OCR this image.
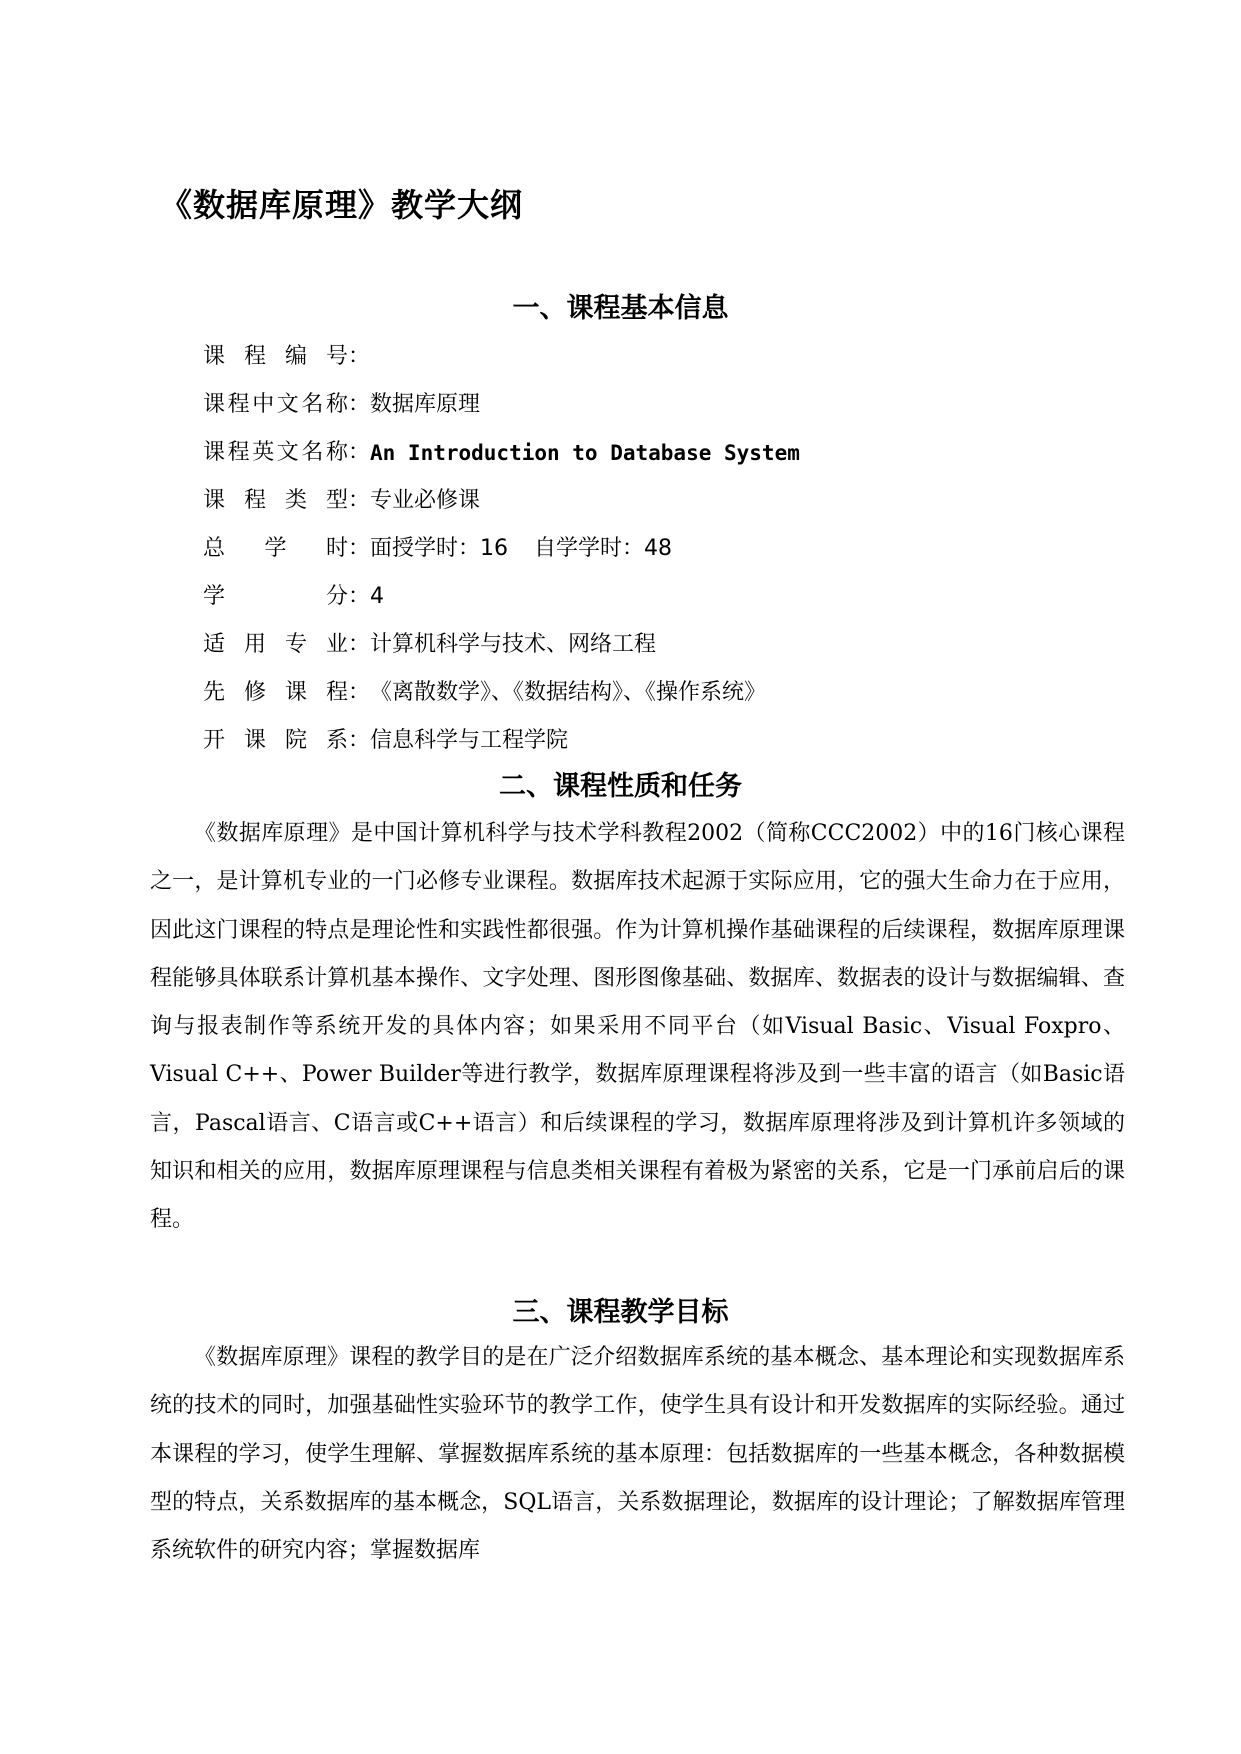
《数据库原理》教学大纲
一、课程基本信息
课程编号 ：
课程中文名称 ： 数据库原理
课程英文名称 ： An Introduction to Database System
课程类型 ： 专业必修课
总学时 ： 面授学时：16 自学学时：48
学分 ： 4
适用专业 ： 计算机科学与技术、网络工程
先修课程 ： 《离散数学》、《数据结构》、《操作系统》
开课院系 ： 信息科学与工程学院
二、课程性质和任务

《数据库原理》是中国计算机科学与技术学科教程2002（简称CCC2002）中的16门核心课程之一，是计算机专业的一门必修专业课程。数据库技术起源于实际应用，它的强大生命力在于应用，因此这门课程的特点是理论性和实践性都很强。作为计算机操作基础课程的后续课程，数据库原理课程能够具体联系计算机基本操作、文字处理、图形图像基础、数据库、数据表的设计与数据编辑、查询与报表制作等系统开发的具体内容；如果采用不同平台（如Visual Basic、Visual Foxpro、Visual C++、Power Builder等进行教学，数据库原理课程将涉及到一些丰富的语言（如Basic语言，Pascal语言、C语言或C++语言）和后续课程的学习，数据库原理将涉及到计算机许多领域的知识和相关的应用，数据库原理课程与信息类相关课程有着极为紧密的关系，它是一门承前启后的课程。

三、课程教学目标

《数据库原理》课程的教学目的是在广泛介绍数据库系统的基本概念、基本理论和实现数据库系统的技术的同时，加强基础性实验环节的教学工作，使学生具有设计和开发数据库的实际经验。通过本课程的学习，使学生理解、掌握数据库系统的基本原理：包括数据库的一些基本概念，各种数据模型的特点，关系数据库的基本概念，SQL语言，关系数据理论，数据库的设计理论；了解数据库管理系统软件的研究内容；掌握数据库
